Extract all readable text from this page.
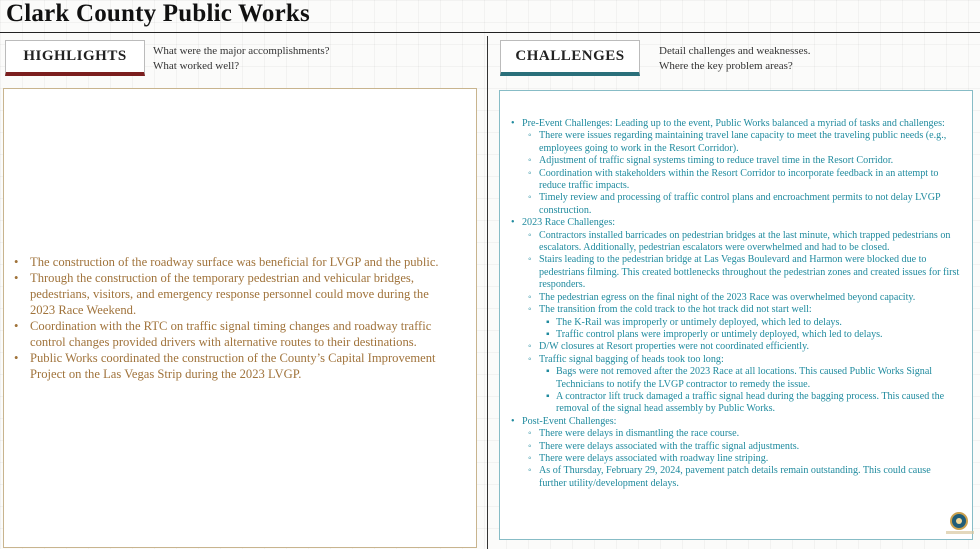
Clark County Public Works
HIGHLIGHTS	What were the major accomplishments?
What worked well?
• The construction of the roadway surface was beneficial for LVGP and the public.
• Through the construction of the temporary pedestrian and vehicular bridges, pedestrians, visitors, and emergency response personnel could move during the 2023 Race Weekend.
• Coordination with the RTC on traffic signal timing changes and roadway traffic control changes provided drivers with alternative routes to their destinations.
• Public Works coordinated the construction of the County’s Capital Improvement Project on the Las Vegas Strip during the 2023 LVGP.
CHALLENGES	Detail challenges and weaknesses.
Where the key problem areas?
• Pre-Event Challenges: Leading up to the event, Public Works balanced a myriad of tasks and challenges:
◦ There were issues regarding maintaining travel lane capacity to meet the traveling public needs (e.g., employees going to work in the Resort Corridor).
◦ Adjustment of traffic signal systems timing to reduce travel time in the Resort Corridor.
◦ Coordination with stakeholders within the Resort Corridor to incorporate feedback in an attempt to reduce traffic impacts.
◦ Timely review and processing of traffic control plans and encroachment permits to not delay LVGP construction.
• 2023 Race Challenges:
◦ Contractors installed barricades on pedestrian bridges at the last minute, which trapped pedestrians on escalators. Additionally, pedestrian escalators were overwhelmed and had to be closed.
◦ Stairs leading to the pedestrian bridge at Las Vegas Boulevard and Harmon were blocked due to pedestrians filming. This created bottlenecks throughout the pedestrian zones and created issues for first responders.
◦ The pedestrian egress on the final night of the 2023 Race was overwhelmed beyond capacity.
◦ The transition from the cold track to the hot track did not start well:
▪ The K-Rail was improperly or untimely deployed, which led to delays.
▪ Traffic control plans were improperly or untimely deployed, which led to delays.
◦ D/W closures at Resort properties were not coordinated efficiently.
◦ Traffic signal bagging of heads took too long:
▪ Bags were not removed after the 2023 Race at all locations. This caused Public Works Signal Technicians to notify the LVGP contractor to remedy the issue.
▪ A contractor lift truck damaged a traffic signal head during the bagging process. This caused the removal of the signal head assembly by Public Works.
• Post-Event Challenges:
◦ There were delays in dismantling the race course.
◦ There were delays associated with the traffic signal adjustments.
◦ There were delays associated with roadway line striping.
◦ As of Thursday, February 29, 2024, pavement patch details remain outstanding. This could cause further utility/development delays.
